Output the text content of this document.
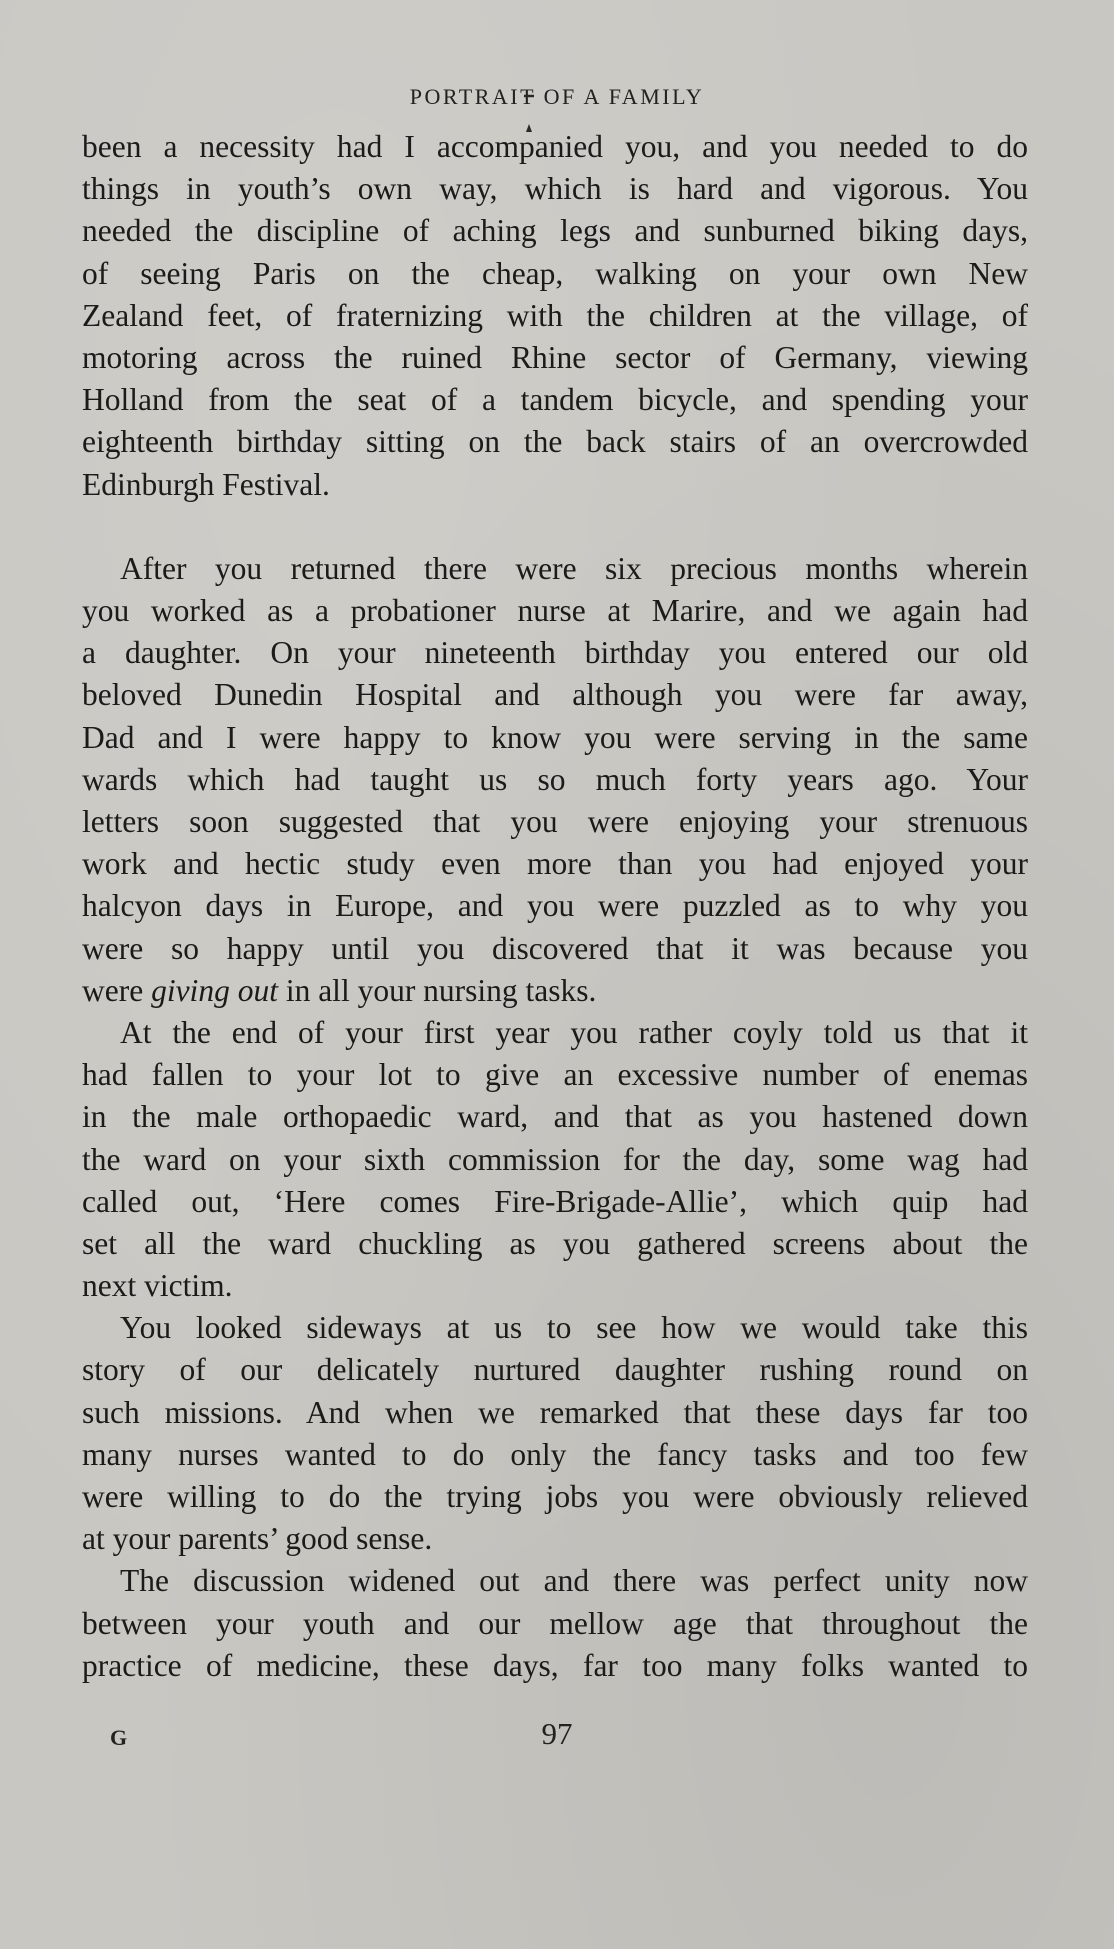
PORTRAIT OF A FAMILY
been a necessity had I accompanied you, and you needed to do
things in youth’s own way, which is hard and vigorous. You
needed the discipline of aching legs and sunburned biking days,
of seeing Paris on the cheap, walking on your own New
Zealand feet, of fraternizing with the children at the village, of
motoring across the ruined Rhine sector of Germany, viewing
Holland from the seat of a tandem bicycle, and spending your
eighteenth birthday sitting on the back stairs of an overcrowded
Edinburgh Festival.
After you returned there were six precious months wherein
you worked as a probationer nurse at Marire, and we again had
a daughter. On your nineteenth birthday you entered our old
beloved Dunedin Hospital and although you were far away,
Dad and I were happy to know you were serving in the same
wards which had taught us so much forty years ago. Your
letters soon suggested that you were enjoying your strenuous
work and hectic study even more than you had enjoyed your
halcyon days in Europe, and you were puzzled as to why you
were so happy until you discovered that it was because you
were giving out in all your nursing tasks.
At the end of your first year you rather coyly told us that it
had fallen to your lot to give an excessive number of enemas
in the male orthopaedic ward, and that as you hastened down
the ward on your sixth commission for the day, some wag had
called out, ‘Here comes Fire-Brigade-Allie’, which quip had
set all the ward chuckling as you gathered screens about the
next victim.
You looked sideways at us to see how we would take this
story of our delicately nurtured daughter rushing round on
such missions. And when we remarked that these days far too
many nurses wanted to do only the fancy tasks and too few
were willing to do the trying jobs you were obviously relieved
at your parents’ good sense.
The discussion widened out and there was perfect unity now
between your youth and our mellow age that throughout the
practice of medicine, these days, far too many folks wanted to
G	97
